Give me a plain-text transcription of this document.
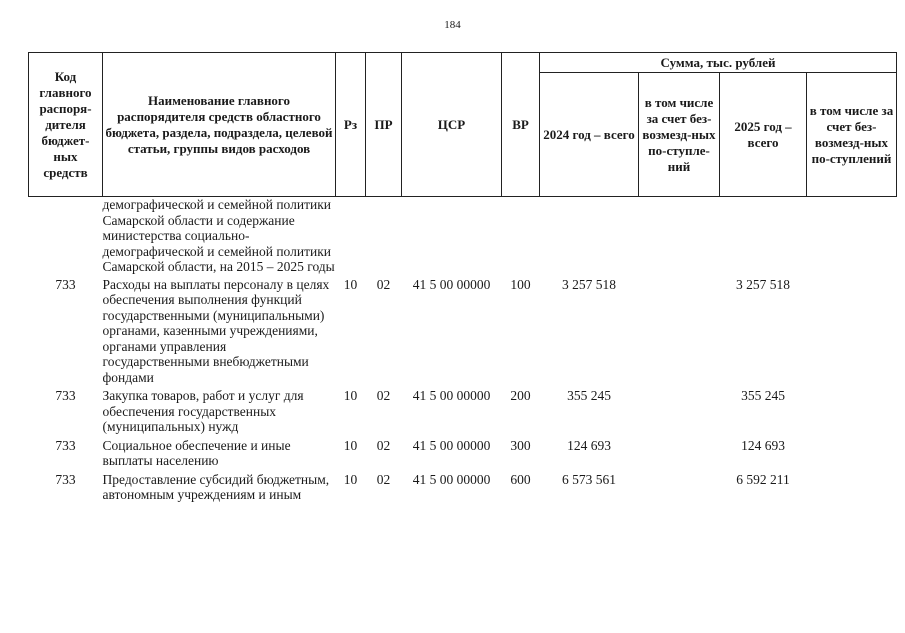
184
Код главного распоря-дителя бюджет-ных средств	Наименование главного распорядителя средств областного бюджета, раздела, подраздела, целевой статьи, группы видов расходов	Рз	ПР	ЦСР	ВР	Сумма, тыс. рублей			
						2024 год – всего	в том числе за счет без-возмезд-ных по-ступле-ний	2025 год – всего	в том числе за счет без-возмезд-ных по-ступлений
	демографической и семейной политики Самарской области и содержание министерства социально-демографической и семейной политики Самарской области, на 2015 – 2025 годы								
733	Расходы на выплаты персоналу в целях обеспечения выполнения функций государственными (муниципальными) органами, казенными учреждениями, органами управления государственными внебюджетными фондами	10	02	41 5 00 00000	100	3 257 518		3 257 518	
733	Закупка товаров, работ и услуг для обеспечения государственных (муниципальных) нужд	10	02	41 5 00 00000	200	355 245		355 245	
733	Социальное обеспечение и иные выплаты населению	10	02	41 5 00 00000	300	124 693		124 693	
733	Предоставление субсидий бюджетным, автономным учреждениям и иным	10	02	41 5 00 00000	600	6 573 561		6 592 211	
